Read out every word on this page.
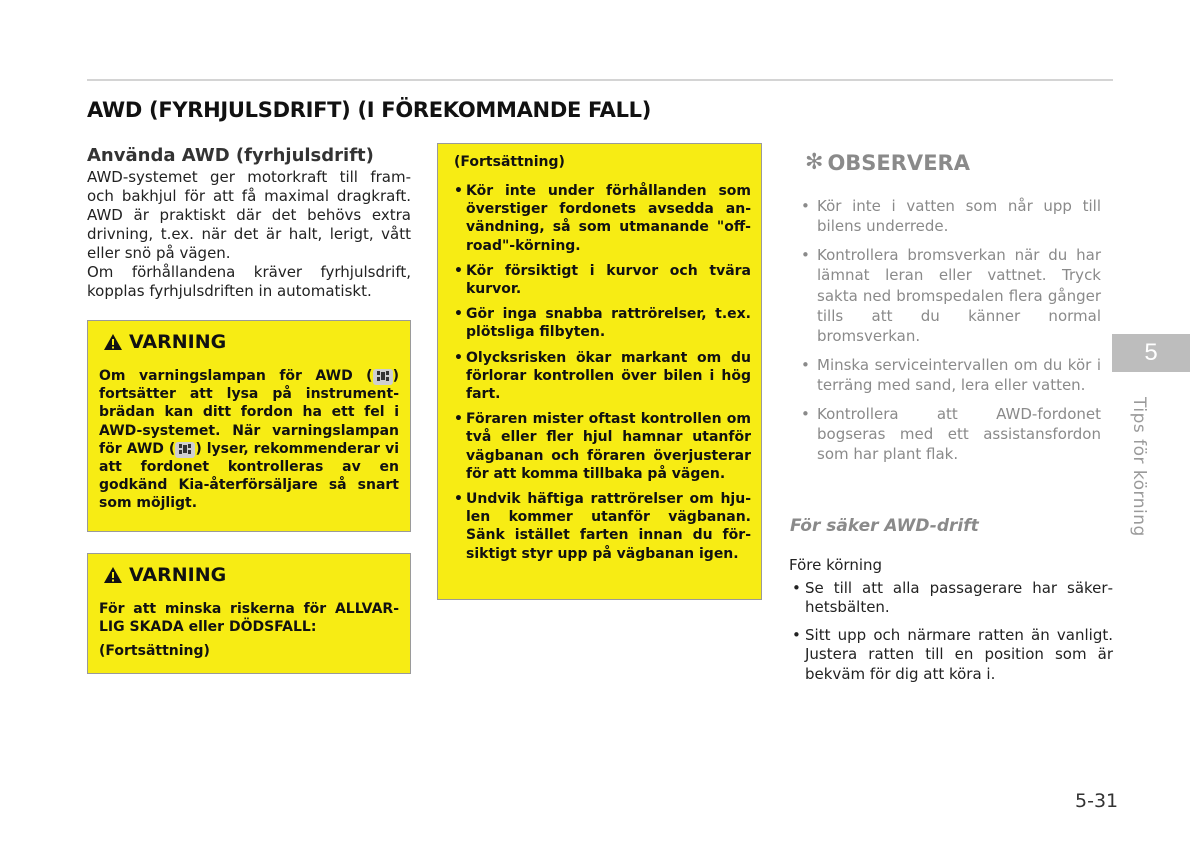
AWD (FYRHJULSDRIFT) (I FÖREKOMMANDE FALL)
Använda AWD (fyrhjulsdrift)

AWD-systemet ger motorkraft till fram- och bakhjul för att få maximal dragkraft. AWD är praktiskt där det behövs extra drivning, t.ex. när det är halt, lerigt, vått eller snö på vägen.

Om förhållandena kräver fyrhjulsdrift, kopplas fyrhjulsdriften in automatiskt.

VARNING

Om varningslampan för AWD ( ) fortsätter att lysa på instrumentbrädan kan ditt fordon ha ett fel i AWD-systemet. När varningslampan för AWD ( ) lyser, rekommenderar vi att fordonet kontrolleras av en godkänd Kia-återförsäljare så snart som möjligt.

VARNING

För att minska riskerna för ALLVARLIG SKADA eller DÖDSFALL:

(Fortsättning)

(Fortsättning)

• Kör inte under förhållanden som överstiger fordonets avsedda användning, så som utmanande "off-road"-körning.
• Kör försiktigt i kurvor och tvära kurvor.
• Gör inga snabba rattrörelser, t.ex. plötsliga filbyten.
• Olycksrisken ökar markant om du förlorar kontrollen över bilen i hög fart.
• Föraren mister oftast kontrollen om två eller fler hjul hamnar utanför vägbanan och föraren överjusterar för att komma tillbaka på vägen.
• Undvik häftiga rattrörelser om hjulen kommer utanför vägbanan. Sänk istället farten innan du försiktigt styr upp på vägbanan igen.
✻ OBSERVERA
• Kör inte i vatten som når upp till bilens underrede.
• Kontrollera bromsverkan när du har lämnat leran eller vattnet. Tryck sakta ned bromspedalen flera gånger tills att du känner normal bromsverkan.
• Minska serviceintervallen om du kör i terräng med sand, lera eller vatten.
• Kontrollera att AWD-fordonet bogseras med ett assistansfordon som har plant flak.
För säker AWD-drift
Före körning
• Se till att alla passagerare har säkerhetsbälten.
• Sitt upp och närmare ratten än vanligt. Justera ratten till en position som är bekväm för dig att köra i.
5
Tips för körning
5-31
